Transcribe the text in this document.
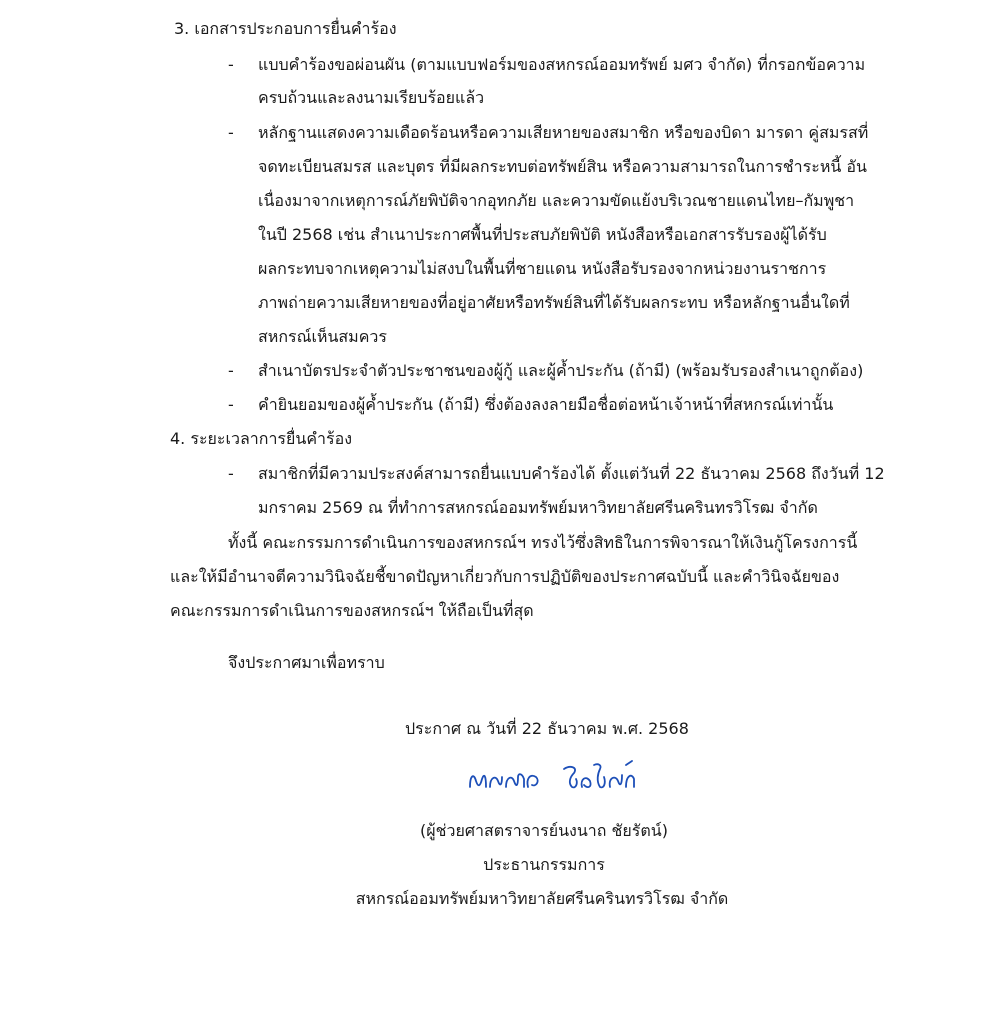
3. เอกสารประกอบการยื่นคำร้อง
- แบบคำร้องขอผ่อนผัน (ตามแบบฟอร์มของสหกรณ์ออมทรัพย์ มศว จำกัด) ที่กรอกข้อความ
ครบถ้วนและลงนามเรียบร้อยแล้ว
- หลักฐานแสดงความเดือดร้อนหรือความเสียหายของสมาชิก หรือของบิดา มารดา คู่สมรสที่
จดทะเบียนสมรส และบุตร ที่มีผลกระทบต่อทรัพย์สิน หรือความสามารถในการชำระหนี้ อัน
เนื่องมาจากเหตุการณ์ภัยพิบัติจากอุทกภัย และความขัดแย้งบริเวณชายแดนไทย–กัมพูชา
ในปี 2568 เช่น สำเนาประกาศพื้นที่ประสบภัยพิบัติ หนังสือหรือเอกสารรับรองผู้ได้รับ
ผลกระทบจากเหตุความไม่สงบในพื้นที่ชายแดน หนังสือรับรองจากหน่วยงานราชการ
ภาพถ่ายความเสียหายของที่อยู่อาศัยหรือทรัพย์สินที่ได้รับผลกระทบ หรือหลักฐานอื่นใดที่
สหกรณ์เห็นสมควร
- สำเนาบัตรประจำตัวประชาชนของผู้กู้ และผู้ค้ำประกัน (ถ้ามี) (พร้อมรับรองสำเนาถูกต้อง)
- คำยินยอมของผู้ค้ำประกัน (ถ้ามี) ซึ่งต้องลงลายมือชื่อต่อหน้าเจ้าหน้าที่สหกรณ์เท่านั้น
4. ระยะเวลาการยื่นคำร้อง
- สมาชิกที่มีความประสงค์สามารถยื่นแบบคำร้องได้ ตั้งแต่วันที่ 22 ธันวาคม 2568 ถึงวันที่ 12
มกราคม 2569 ณ ที่ทำการสหกรณ์ออมทรัพย์มหาวิทยาลัยศรีนครินทรวิโรฒ จำกัด
ทั้งนี้ คณะกรรมการดำเนินการของสหกรณ์ฯ ทรงไว้ซึ่งสิทธิในการพิจารณาให้เงินกู้โครงการนี้
และให้มีอำนาจตีความวินิจฉัยชี้ขาดปัญหาเกี่ยวกับการปฏิบัติของประกาศฉบับนี้ และคำวินิจฉัยของ
คณะกรรมการดำเนินการของสหกรณ์ฯ ให้ถือเป็นที่สุด
จึงประกาศมาเพื่อทราบ
ประกาศ ณ วันที่ 22 ธันวาคม พ.ศ. 2568
(ผู้ช่วยศาสตราจารย์นงนาถ ชัยรัตน์)
ประธานกรรมการ
สหกรณ์ออมทรัพย์มหาวิทยาลัยศรีนครินทรวิโรฒ จำกัด
